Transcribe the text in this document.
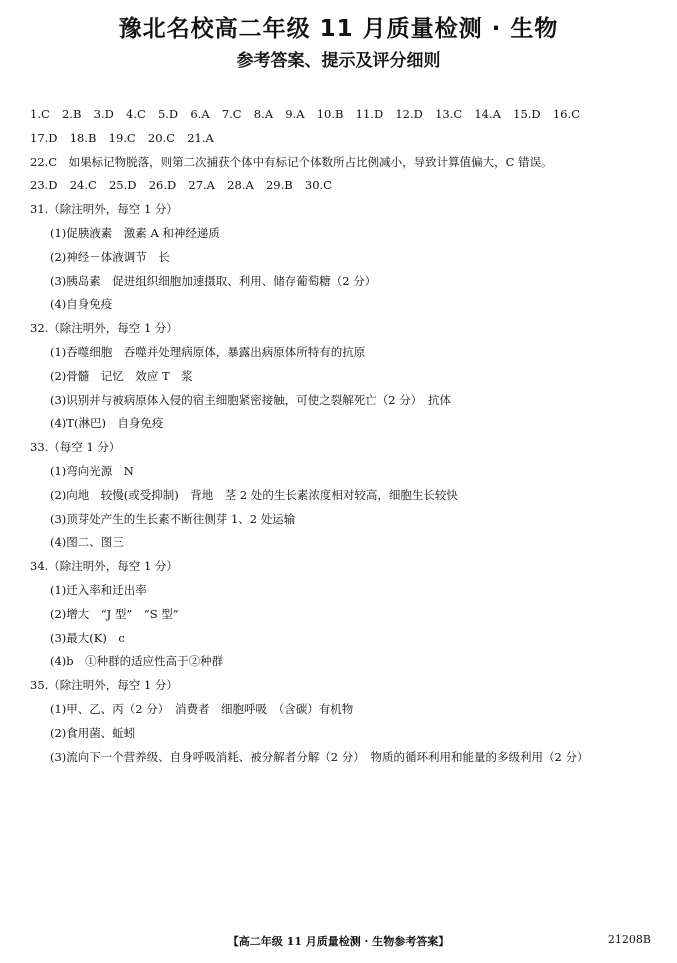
豫北名校高二年级 11 月质量检测 · 生物
参考答案、提示及评分细则
1.C 2.B 3.D 4.C 5.D 6.A 7.C 8.A 9.A 10.B 11.D 12.D 13.C 14.A 15.D 16.C
17.D 18.B 19.C 20.C 21.A
22.C　如果标记物脱落，则第二次捕获个体中有标记个体数所占比例减小，导致计算值偏大，C 错误。
23.D 24.C 25.D 26.D 27.A 28.A 29.B 30.C
31.（除注明外，每空 1 分）
(1)促胰液素　激素 A 和神经递质
(2)神经－体液调节　长
(3)胰岛素　促进组织细胞加速摄取、利用、储存葡萄糖（2 分）
(4)自身免疫
32.（除注明外，每空 1 分）
(1)吞噬细胞　吞噬并处理病原体，暴露出病原体所特有的抗原
(2)骨髓　记忆　效应 T　浆
(3)识别并与被病原体入侵的宿主细胞紧密接触，可使之裂解死亡（2 分）　抗体
(4)T(淋巴)　自身免疫
33.（每空 1 分）
(1)弯向光源　N
(2)向地　较慢(或受抑制)　背地　茎 2 处的生长素浓度相对较高，细胞生长较快
(3)顶芽处产生的生长素不断往侧芽 1、2 处运输
(4)图二、图三
34.（除注明外，每空 1 分）
(1)迁入率和迁出率
(2)增大　“J 型”　“S 型”
(3)最大(K)　c
(4)b　①种群的适应性高于②种群
35.（除注明外，每空 1 分）
(1)甲、乙、丙（2 分）　消费者　细胞呼吸　（含碳）有机物
(2)食用菌、蚯蚓
(3)流向下一个营养级、自身呼吸消耗、被分解者分解（2 分）　物质的循环利用和能量的多级利用（2 分）
【高二年级 11 月质量检测 · 生物参考答案】	21208B
